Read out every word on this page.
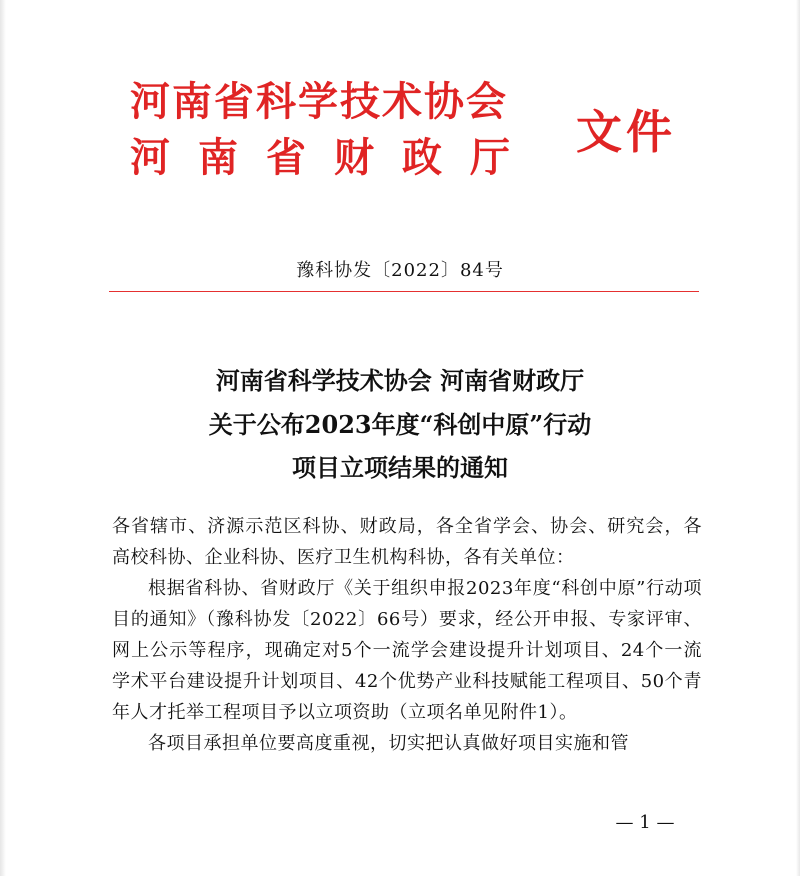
河南省科学技术协会
河南省财政厅 文件
豫科协发〔2022〕84号
河南省科学技术协会 河南省财政厅
关于公布2023年度“科创中原”行动
项目立项结果的通知

各省辖市、济源示范区科协、财政局，各全省学会、协会、研究会，各高校科协、企业科协、医疗卫生机构科协，各有关单位：

根据省科协、省财政厅《关于组织申报2023年度“科创中原”行动项目的通知》（豫科协发〔2022〕66号）要求，经公开申报、专家评审、网上公示等程序，现确定对5个一流学会建设提升计划项目、24个一流学术平台建设提升计划项目、42个优势产业科技赋能工程项目、50个青年人才托举工程项目予以立项资助（立项名单见附件1）。

各项目承担单位要高度重视，切实把认真做好项目实施和管

— 1 —
